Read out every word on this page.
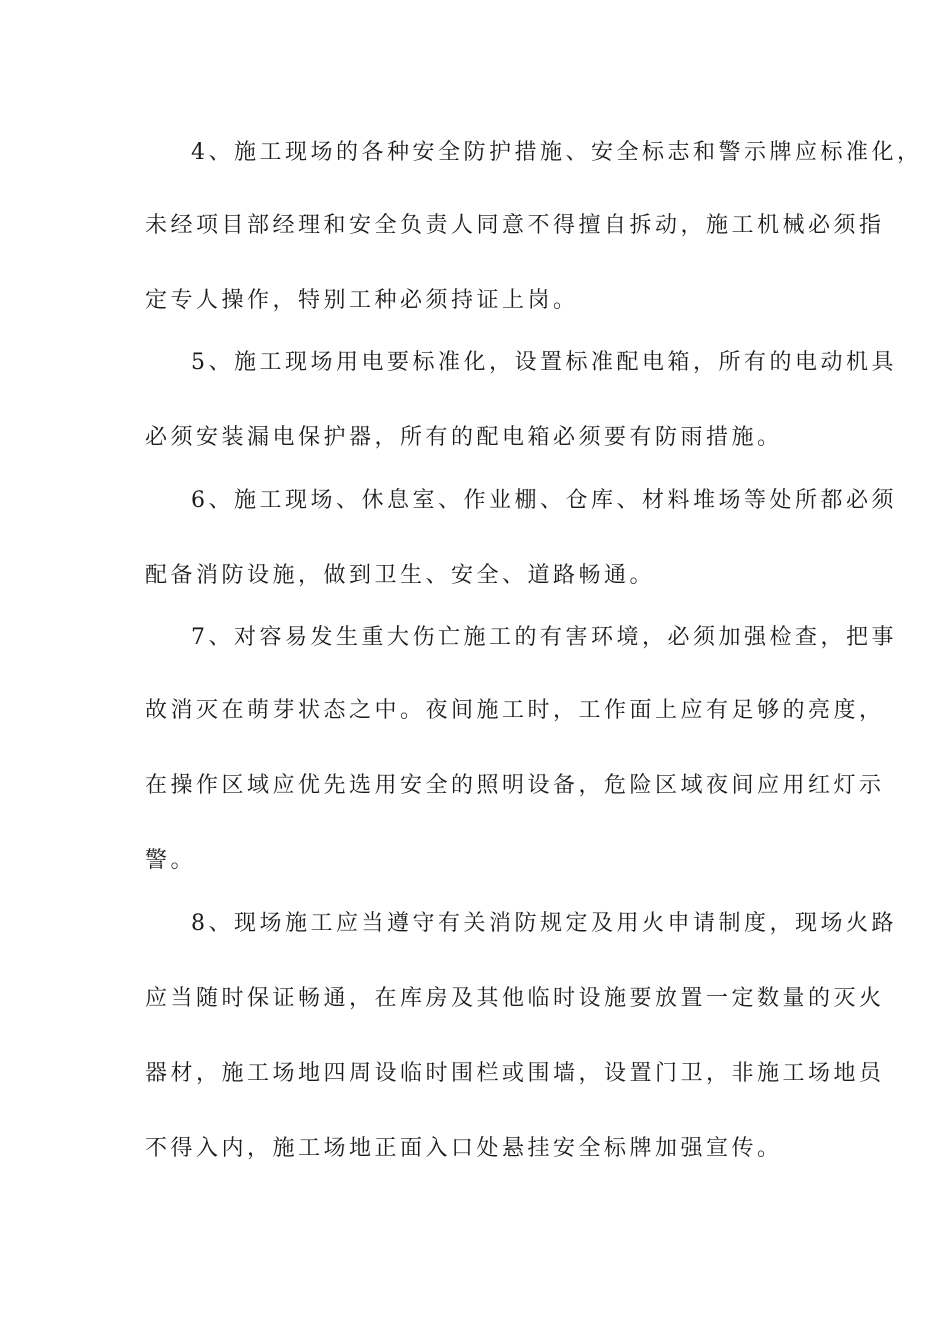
4、施工现场的各种安全防护措施、安全标志和警示牌应标准化，
未经项目部经理和安全负责人同意不得擅自拆动，施工机械必须指
定专人操作，特别工种必须持证上岗。
5、施工现场用电要标准化，设置标准配电箱，所有的电动机具
必须安装漏电保护器，所有的配电箱必须要有防雨措施。
6、施工现场、休息室、作业棚、仓库、材料堆场等处所都必须
配备消防设施，做到卫生、安全、道路畅通。
7、对容易发生重大伤亡施工的有害环境，必须加强检查，把事
故消灭在萌芽状态之中。夜间施工时，工作面上应有足够的亮度，
在操作区域应优先选用安全的照明设备，危险区域夜间应用红灯示
警。
8、现场施工应当遵守有关消防规定及用火申请制度，现场火路
应当随时保证畅通，在库房及其他临时设施要放置一定数量的灭火
器材，施工场地四周设临时围栏或围墙，设置门卫，非施工场地员
不得入内，施工场地正面入口处悬挂安全标牌加强宣传。
